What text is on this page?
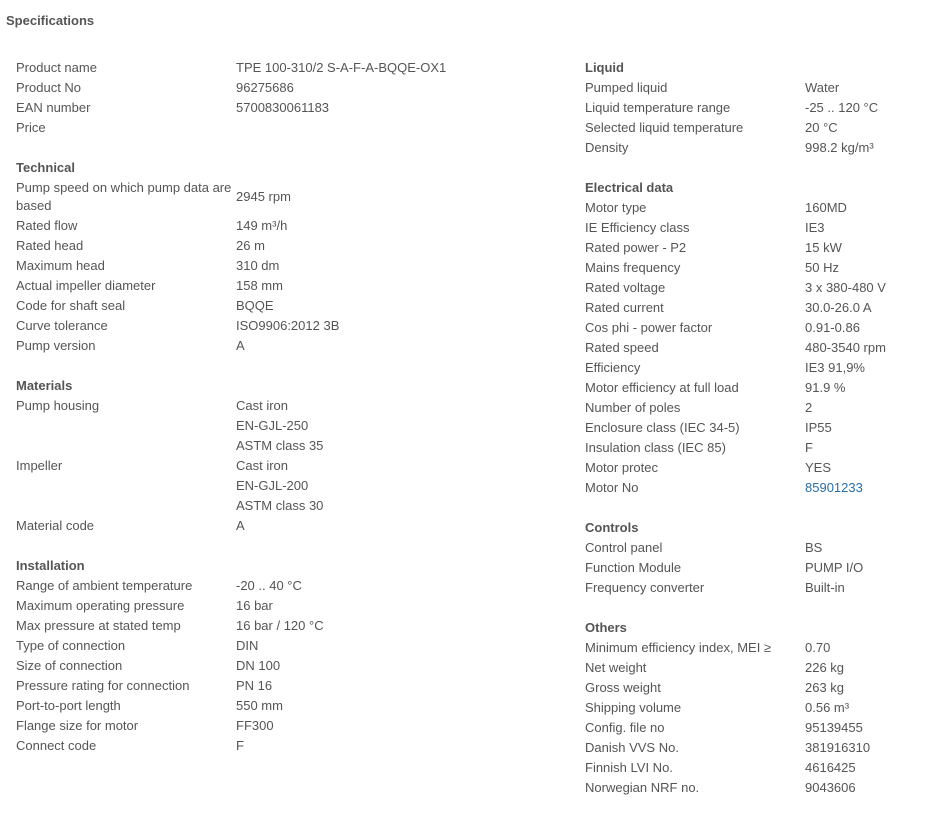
Specifications
Product name	TPE 100-310/2 S-A-F-A-BQQE-OX1
Product No	96275686
EAN number	5700830061183
Price
Technical
Pump speed on which pump data are based
2945 rpm
Rated flow	149 m³/h
Rated head	26 m
Maximum head	310 dm
Actual impeller diameter	158 mm
Code for shaft seal	BQQE
Curve tolerance	ISO9906:2012 3B
Pump version	A
Materials
Pump housing	Cast iron
EN-GJL-250
ASTM class 35
Impeller	Cast iron
EN-GJL-200
ASTM class 30
Material code	A
Installation
Range of ambient temperature	-20 .. 40 °C
Maximum operating pressure	16 bar
Max pressure at stated temp	16 bar / 120 °C
Type of connection	DIN
Size of connection	DN 100
Pressure rating for connection	PN 16
Port-to-port length	550 mm
Flange size for motor	FF300
Connect code	F
Liquid
Pumped liquid	Water
Liquid temperature range	-25 .. 120 °C
Selected liquid temperature	20 °C
Density	998.2 kg/m³
Electrical data
Motor type	160MD
IE Efficiency class	IE3
Rated power - P2	15 kW
Mains frequency	50 Hz
Rated voltage	3 x 380-480 V
Rated current	30.0-26.0 A
Cos phi - power factor	0.91-0.86
Rated speed	480-3540 rpm
Efficiency	IE3 91,9%
Motor efficiency at full load	91.9 %
Number of poles	2
Enclosure class (IEC 34-5)	IP55
Insulation class (IEC 85)	F
Motor protec	YES
Motor No	85901233
Controls
Control panel	BS
Function Module	PUMP I/O
Frequency converter	Built-in
Others
Minimum efficiency index, MEI ≥	0.70
Net weight	226 kg
Gross weight	263 kg
Shipping volume	0.56 m³
Config. file no	95139455
Danish VVS No.	381916310
Finnish LVI No.	4616425
Norwegian NRF no.	9043606
